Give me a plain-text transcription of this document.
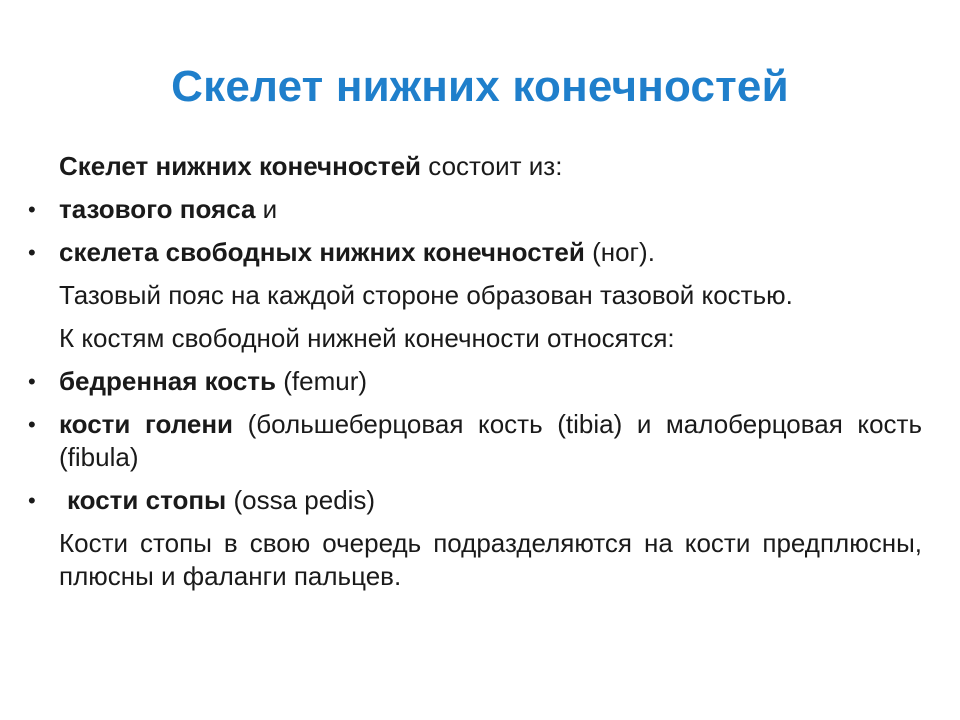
Скелет нижних конечностей
Скелет нижних конечностей состоит из:
• тазового пояса и
• скелета свободных нижних конечностей (ног).
Тазовый пояс на каждой стороне образован тазовой костью.
К костям свободной нижней конечности относятся:
• бедренная кость (femur)
• кости голени (большеберцовая кость (tibia) и малоберцовая кость (fibula)
• кости стопы (ossa pedis)
Кости стопы в свою очередь подразделяются на кости предплюсны, плюсны и фаланги пальцев.
